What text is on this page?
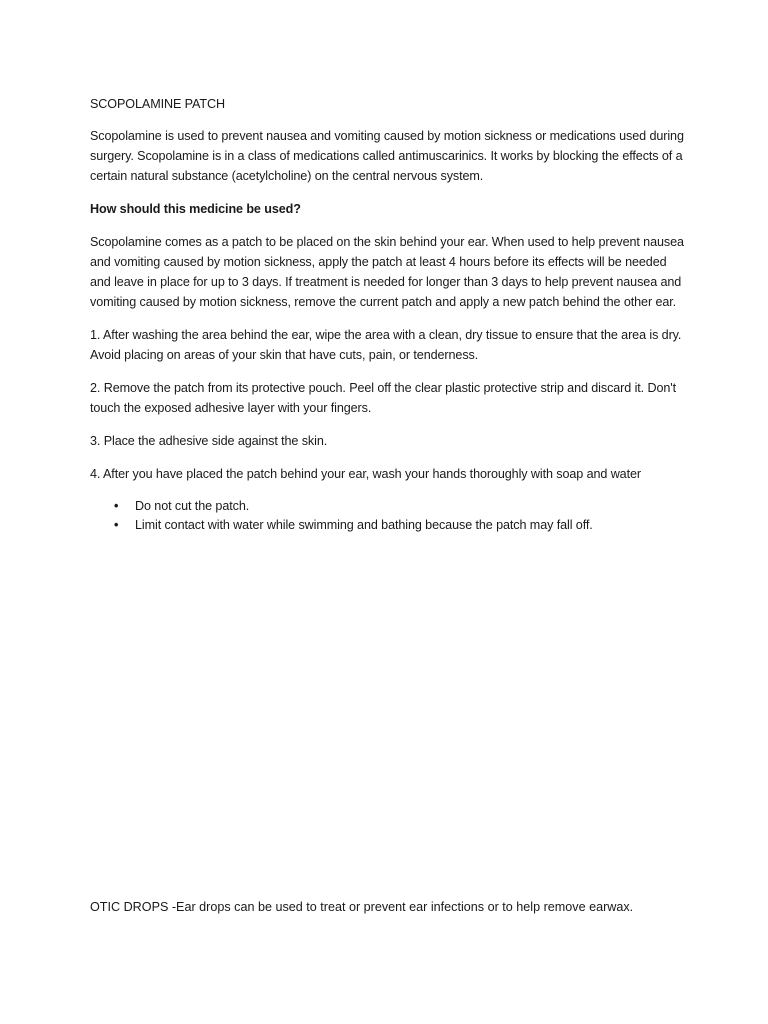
SCOPOLAMINE PATCH

Scopolamine is used to prevent nausea and vomiting caused by motion sickness or medications used during surgery. Scopolamine is in a class of medications called antimuscarinics. It works by blocking the effects of a certain natural substance (acetylcholine) on the central nervous system.

How should this medicine be used?

Scopolamine comes as a patch to be placed on the skin behind your ear. When used to help prevent nausea and vomiting caused by motion sickness, apply the patch at least 4 hours before its effects will be needed and leave in place for up to 3 days. If treatment is needed for longer than 3 days to help prevent nausea and vomiting caused by motion sickness, remove the current patch and apply a new patch behind the other ear.

1. After washing the area behind the ear, wipe the area with a clean, dry tissue to ensure that the area is dry. Avoid placing on areas of your skin that have cuts, pain, or tenderness.

2. Remove the patch from its protective pouch. Peel off the clear plastic protective strip and discard it. Don't touch the exposed adhesive layer with your fingers.

3. Place the adhesive side against the skin.

4. After you have placed the patch behind your ear, wash your hands thoroughly with soap and water

• Do not cut the patch.
• Limit contact with water while swimming and bathing because the patch may fall off.
OTIC DROPS -Ear drops can be used to treat or prevent ear infections or to help remove earwax.
